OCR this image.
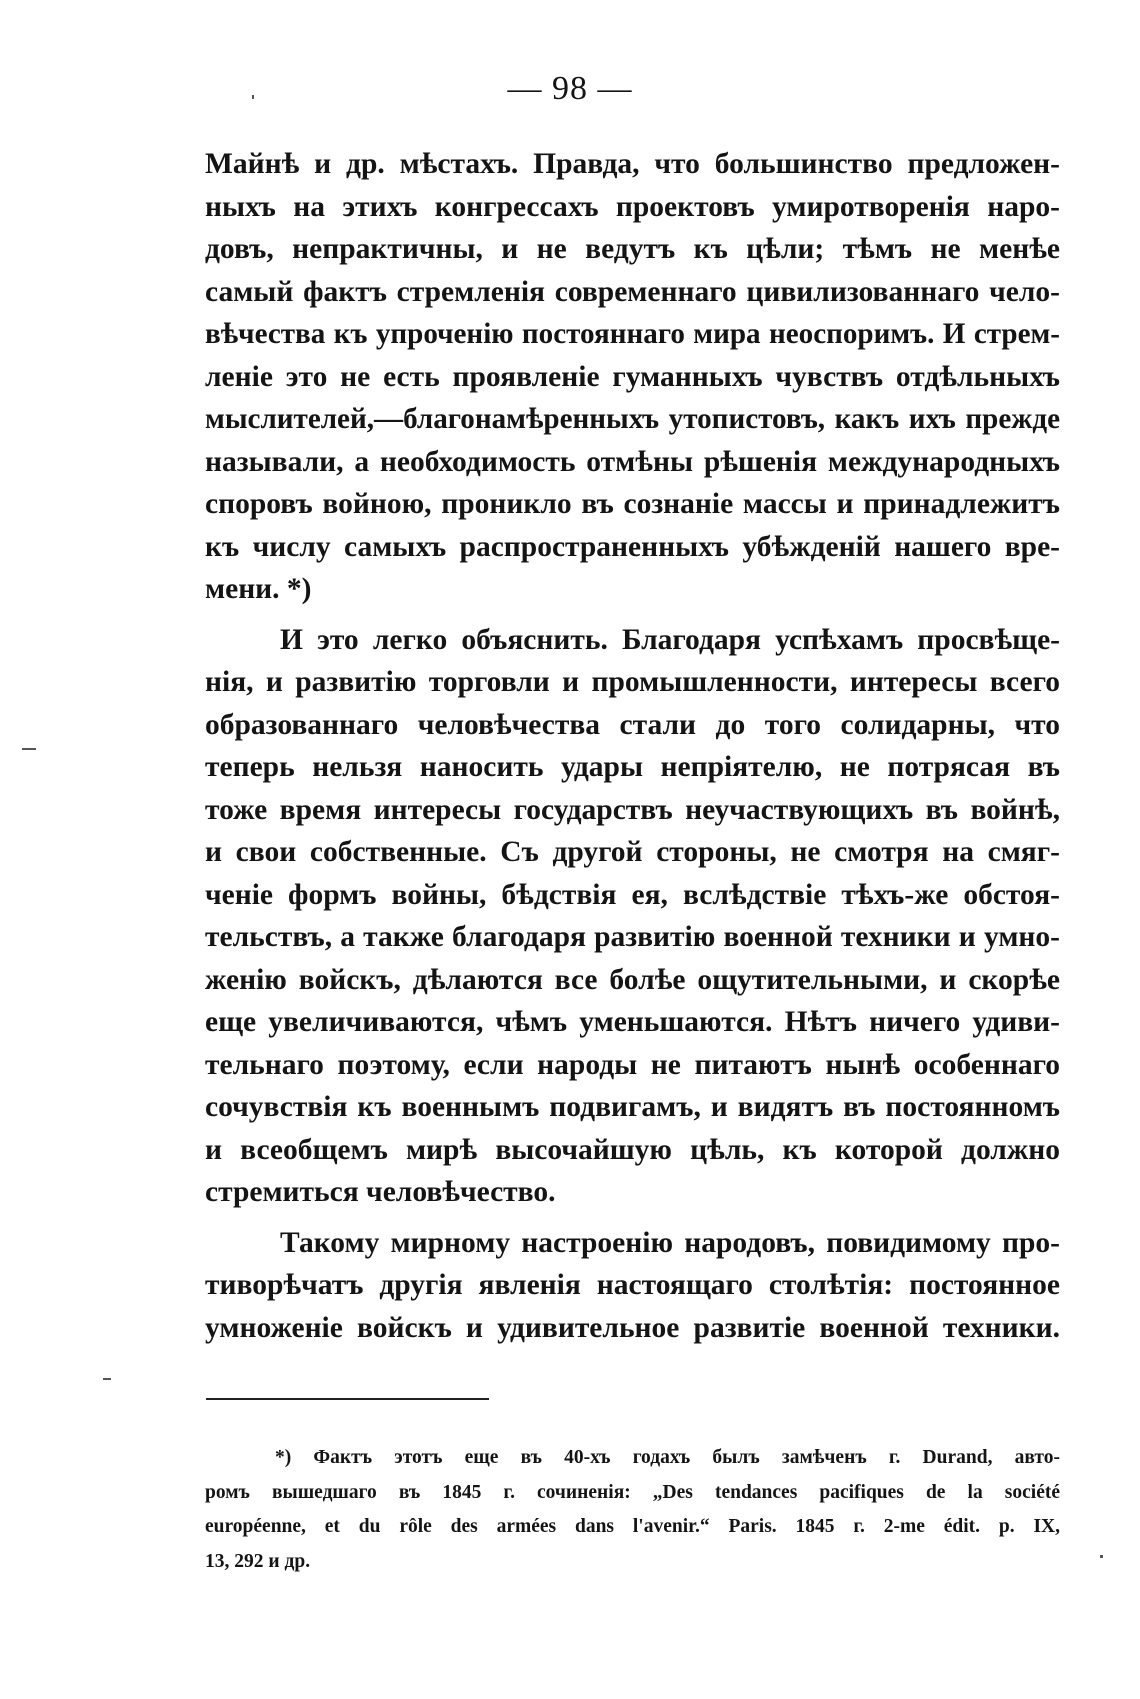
— 98 —
Майнѣ и др. мѣстахъ. Правда, что большинство предложен-
ныхъ на этихъ конгрессахъ проектовъ умиротворенія наро-
довъ, непрактичны, и не ведутъ къ цѣли; тѣмъ не менѣе
самый фактъ стремленія современнаго цивилизованнаго чело-
вѣчества къ упроченію постояннаго мира неоспоримъ. И стрем-
леніе это не есть проявленіе гуманныхъ чувствъ отдѣльныхъ
мыслителей,—благонамѣренныхъ утопистовъ, какъ ихъ прежде
называли, а необходимость отмѣны рѣшенія международныхъ
споровъ войною, проникло въ сознаніе массы и принадлежитъ
къ числу самыхъ распространенныхъ убѣжденій нашего вре-
мени. *)
И это легко объяснить. Благодаря успѣхамъ просвѣще-
нія, и развитію торговли и промышленности, интересы всего
образованнаго человѣчества стали до того солидарны, что
теперь нельзя наносить удары непріятелю, не потрясая въ
тоже время интересы государствъ неучаствующихъ въ войнѣ,
и свои собственные. Съ другой стороны, не смотря на смяг-
ченіе формъ войны, бѣдствія ея, вслѣдствіе тѣхъ-же обстоя-
тельствъ, а также благодаря развитію военной техники и умно-
женію войскъ, дѣлаются все болѣе ощутительными, и скорѣе
еще увеличиваются, чѣмъ уменьшаются. Нѣтъ ничего удиви-
тельнаго поэтому, если народы не питаютъ нынѣ особеннаго
сочувствія къ военнымъ подвигамъ, и видятъ въ постоянномъ
и всеобщемъ мирѣ высочайшую цѣль, къ которой должно
стремиться человѣчество.
Такому мирному настроенію народовъ, повидимому про-
тиворѣчатъ другія явленія настоящаго столѣтія: постоянное
умноженіе войскъ и удивительное развитіе военной техники.
*) Фактъ этотъ еще въ 40-хъ годахъ былъ замѣченъ г. Durand, авто-
ромъ вышедшаго въ 1845 г. сочиненія: „Des tendances pacifiques de la société
européenne, et du rôle des armées dans l'avenir.“ Paris. 1845 г. 2-me édit. p. IX,
13, 292 и др.
